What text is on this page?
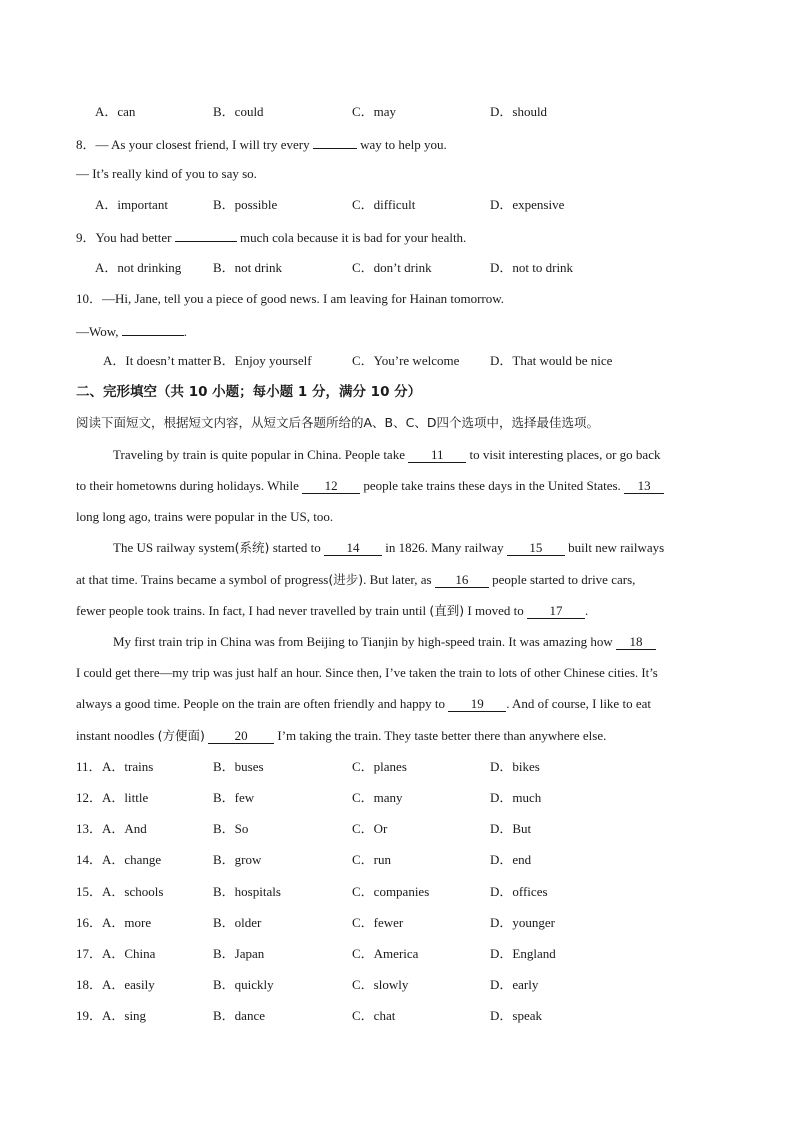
A．can	B．could	C．may	D．should
8．— As your closest friend, I will try every	way to help you.
— It’s really kind of you to say so.
A．important	B．possible	C．difficult	D．expensive
9．You had better	much cola because it is bad for your health.
A．not drinking B．not drink	C．don’t drink	D．not to drink
10．—Hi, Jane, tell you a piece of good news. I am leaving for Hainan tomorrow.
—Wow,	.
A．It doesn’t matter B．Enjoy yourself	C．You’re welcome D．That would be nice
二、完形填空（共 10 小题；每小题 1 分，满分 10 分）
阅读下面短文，根据短文内容，从短文后各题所给的A、B、C、D四个选项中，选择最佳选项。
Traveling by train is quite popular in China. People take 11 to visit interesting places, or go back
to their hometowns during holidays. While 12 people take trains these days in the United States. 13
long long ago, trains were popular in the US, too.
The US railway system(系统) started to 14 in 1826. Many railway 15 built new railways
at that time. Trains became a symbol of progress(进步). But later, as 16 people started to drive cars,
fewer people took trains. In fact, I had never travelled by train until (直到) I moved to 17 .
My first train trip in China was from Beijing to Tianjin by high-speed train. It was amazing how 18
I could get there—my trip was just half an hour. Since then, I’ve taken the train to lots of other Chinese cities. It’s
always a good time. People on the train are often friendly and happy to 19 . And of course, I like to eat
instant noodles (方便面) 20 I’m taking the train. They taste better there than anywhere else.
11． A．trains	B．buses	C．planes	D．bikes
12． A．little	B．few	C．many	D．much
13． A．And	B．So	C．Or	D．But
14． A．change	B．grow	C．run	D．end
15． A．schools	B．hospitals	C．companies	D．offices
16． A．more	B．older	C．fewer	D．younger
17． A．China	B．Japan	C．America	D．England
18． A．easily	B．quickly	C．slowly	D．early
19． A．sing	B．dance	C．chat	D．speak
